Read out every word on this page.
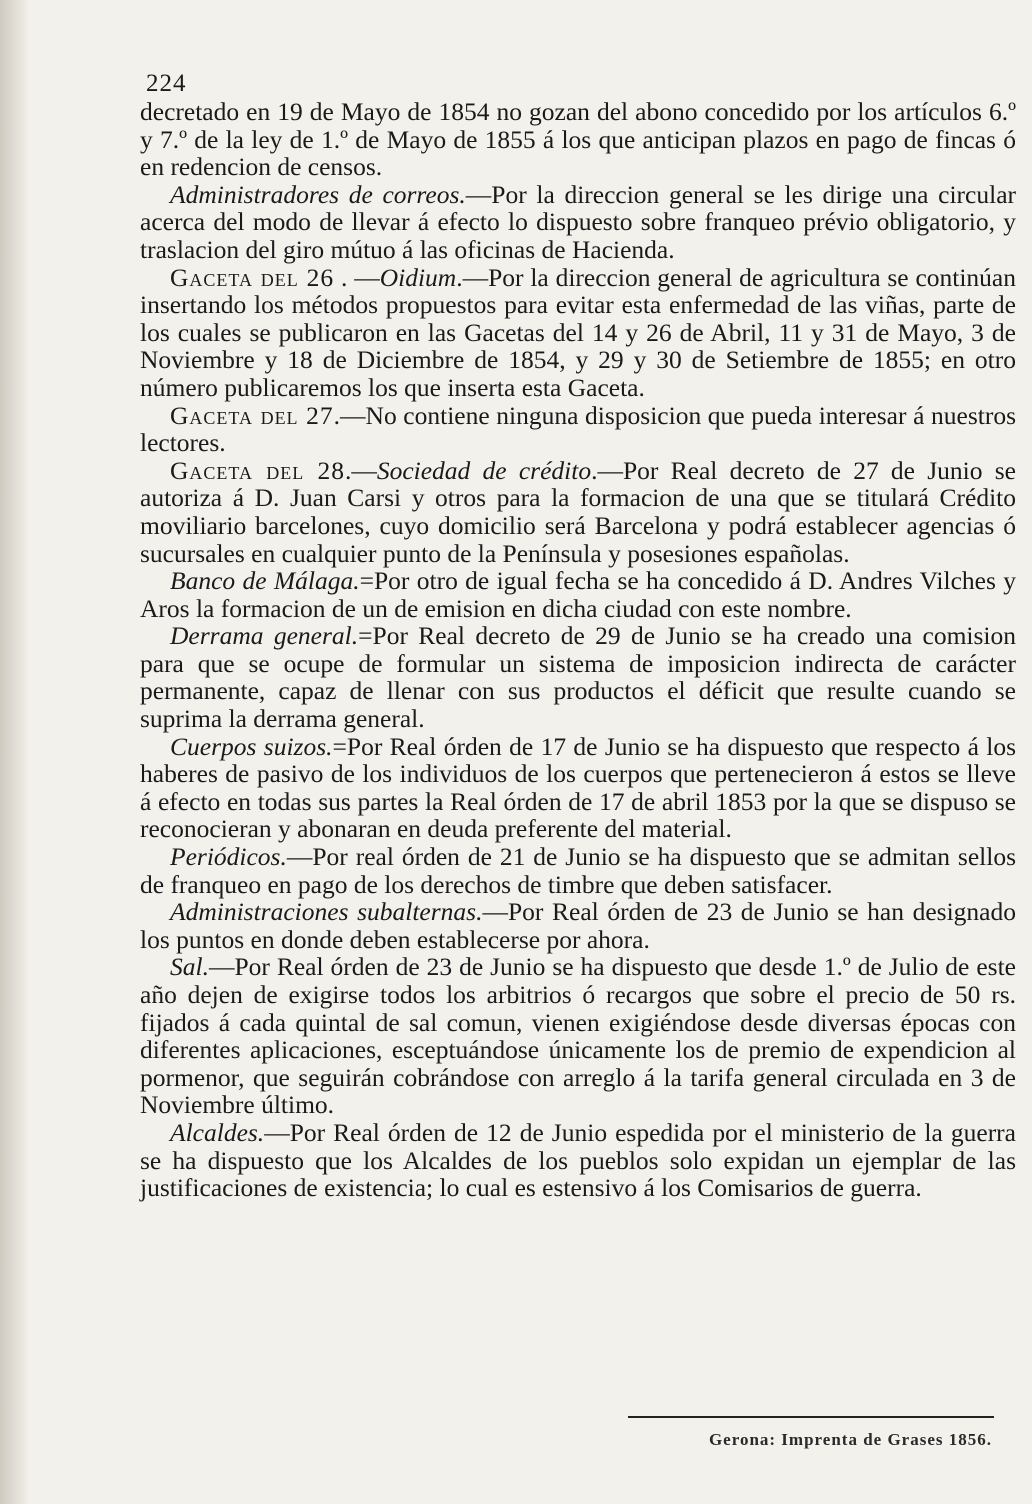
224

decretado en 19 de Mayo de 1854 no gozan del abono concedido por los artículos 6.º y 7.º de la ley de 1.º de Mayo de 1855 á los que anticipan plazos en pago de fincas ó en redencion de censos.

Administradores de correos.—Por la direccion general se les dirige una circular acerca del modo de llevar á efecto lo dispuesto sobre franqueo prévio obligatorio, y traslacion del giro mútuo á las oficinas de Hacienda.

Gaceta del 26 . —Oidium.—Por la direccion general de agricultura se continúan insertando los métodos propuestos para evitar esta enfermedad de las viñas, parte de los cuales se publicaron en las Gacetas del 14 y 26 de Abril, 11 y 31 de Mayo, 3 de Noviembre y 18 de Diciembre de 1854, y 29 y 30 de Setiembre de 1855; en otro número publicaremos los que inserta esta Gaceta.

Gaceta del 27.—No contiene ninguna disposicion que pueda interesar á nuestros lectores.

Gaceta del 28.—Sociedad de crédito.—Por Real decreto de 27 de Junio se autoriza á D. Juan Carsi y otros para la formacion de una que se titulará Crédito moviliario barcelones, cuyo domicilio será Barcelona y podrá establecer agencias ó sucursales en cualquier punto de la Península y posesiones españolas.

Banco de Málaga.=Por otro de igual fecha se ha concedido á D. Andres Vilches y Aros la formacion de un de emision en dicha ciudad con este nombre.

Derrama general.=Por Real decreto de 29 de Junio se ha creado una comision para que se ocupe de formular un sistema de imposicion indirecta de carácter permanente, capaz de llenar con sus productos el déficit que resulte cuando se suprima la derrama general.

Cuerpos suizos.=Por Real órden de 17 de Junio se ha dispuesto que respecto á los haberes de pasivo de los individuos de los cuerpos que pertenecieron á estos se lleve á efecto en todas sus partes la Real órden de 17 de abril 1853 por la que se dispuso se reconocieran y abonaran en deuda preferente del material.

Periódicos.—Por real órden de 21 de Junio se ha dispuesto que se admitan sellos de franqueo en pago de los derechos de timbre que deben satisfacer.

Administraciones subalternas.—Por Real órden de 23 de Junio se han designado los puntos en donde deben establecerse por ahora.

Sal.—Por Real órden de 23 de Junio se ha dispuesto que desde 1.º de Julio de este año dejen de exigirse todos los arbitrios ó recargos que sobre el precio de 50 rs. fijados á cada quintal de sal comun, vienen exigiéndose desde diversas épocas con diferentes aplicaciones, esceptuándose únicamente los de premio de expendicion al pormenor, que seguirán cobrándose con arreglo á la tarifa general circulada en 3 de Noviembre último.

Alcaldes.—Por Real órden de 12 de Junio espedida por el ministerio de la guerra se ha dispuesto que los Alcaldes de los pueblos solo expidan un ejemplar de las justificaciones de existencia; lo cual es estensivo á los Comisarios de guerra.

Gerona: Imprenta de Grases 1856.
